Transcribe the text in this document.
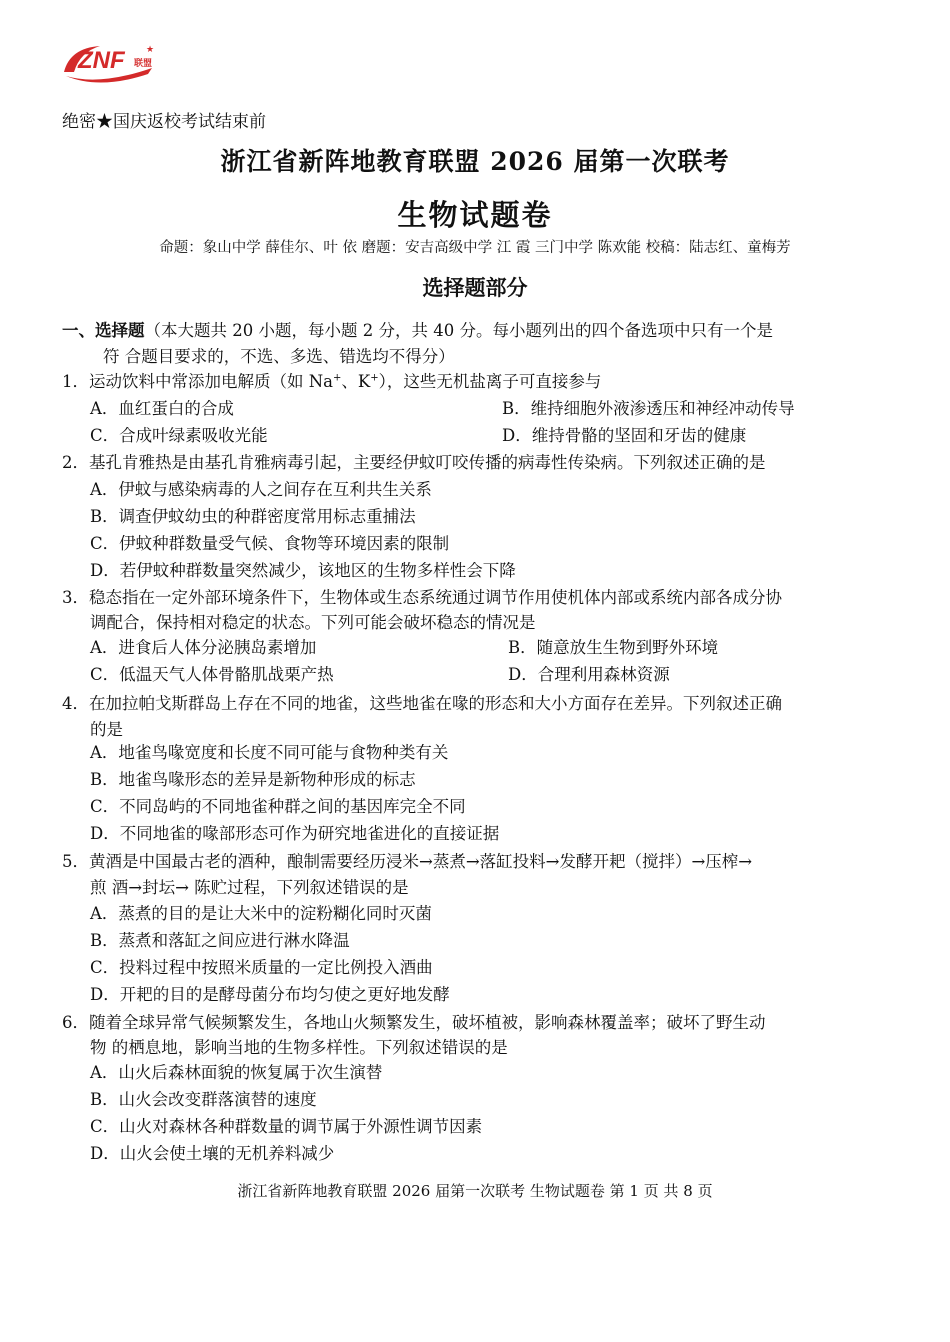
ZNF 联盟
★
绝密★国庆返校考试结束前
浙江省新阵地教育联盟 2026 届第一次联考
生物试题卷
命题：象山中学 薛佳尔、叶 依 磨题：安吉高级中学 江 霞 三门中学 陈欢能 校稿：陆志红、童梅芳
选择题部分
一、选择题（本大题共 20 小题，每小题 2 分，共 40 分。每小题列出的四个备选项中只有一个是
符 合题目要求的，不选、多选、错选均不得分）
1．运动饮料中常添加电解质（如 Na+、K+），这些无机盐离子可直接参与
A．血红蛋白的合成	B．维持细胞外液渗透压和神经冲动传导
C．合成叶绿素吸收光能	D．维持骨骼的坚固和牙齿的健康
2．基孔肯雅热是由基孔肯雅病毒引起，主要经伊蚊叮咬传播的病毒性传染病。下列叙述正确的是
A．伊蚊与感染病毒的人之间存在互利共生关系
B．调查伊蚊幼虫的种群密度常用标志重捕法
C．伊蚊种群数量受气候、食物等环境因素的限制
D．若伊蚊种群数量突然减少，该地区的生物多样性会下降
3．稳态指在一定外部环境条件下，生物体或生态系统通过调节作用使机体内部或系统内部各成分协
调配合，保持相对稳定的状态。下列可能会破坏稳态的情况是
A．进食后人体分泌胰岛素增加	B．随意放生生物到野外环境
C．低温天气人体骨骼肌战栗产热	D．合理利用森林资源
4．在加拉帕戈斯群岛上存在不同的地雀，这些地雀在喙的形态和大小方面存在差异。下列叙述正确
的是
A．地雀鸟喙宽度和长度不同可能与食物种类有关
B．地雀鸟喙形态的差异是新物种形成的标志
C．不同岛屿的不同地雀种群之间的基因库完全不同
D．不同地雀的喙部形态可作为研究地雀进化的直接证据
5．黄酒是中国最古老的酒种，酿制需要经历浸米→蒸煮→落缸投料→发酵开耙（搅拌）→压榨→
煎 酒→封坛→ 陈贮过程，下列叙述错误的是
A．蒸煮的目的是让大米中的淀粉糊化同时灭菌
B．蒸煮和落缸之间应进行淋水降温
C．投料过程中按照米质量的一定比例投入酒曲
D．开耙的目的是酵母菌分布均匀使之更好地发酵
6．随着全球异常气候频繁发生，各地山火频繁发生，破坏植被，影响森林覆盖率；破坏了野生动
物 的栖息地，影响当地的生物多样性。下列叙述错误的是
A．山火后森林面貌的恢复属于次生演替
B．山火会改变群落演替的速度
C．山火对森林各种群数量的调节属于外源性调节因素
D．山火会使土壤的无机养料减少
浙江省新阵地教育联盟 2026 届第一次联考 生物试题卷 第 1 页 共 8 页
